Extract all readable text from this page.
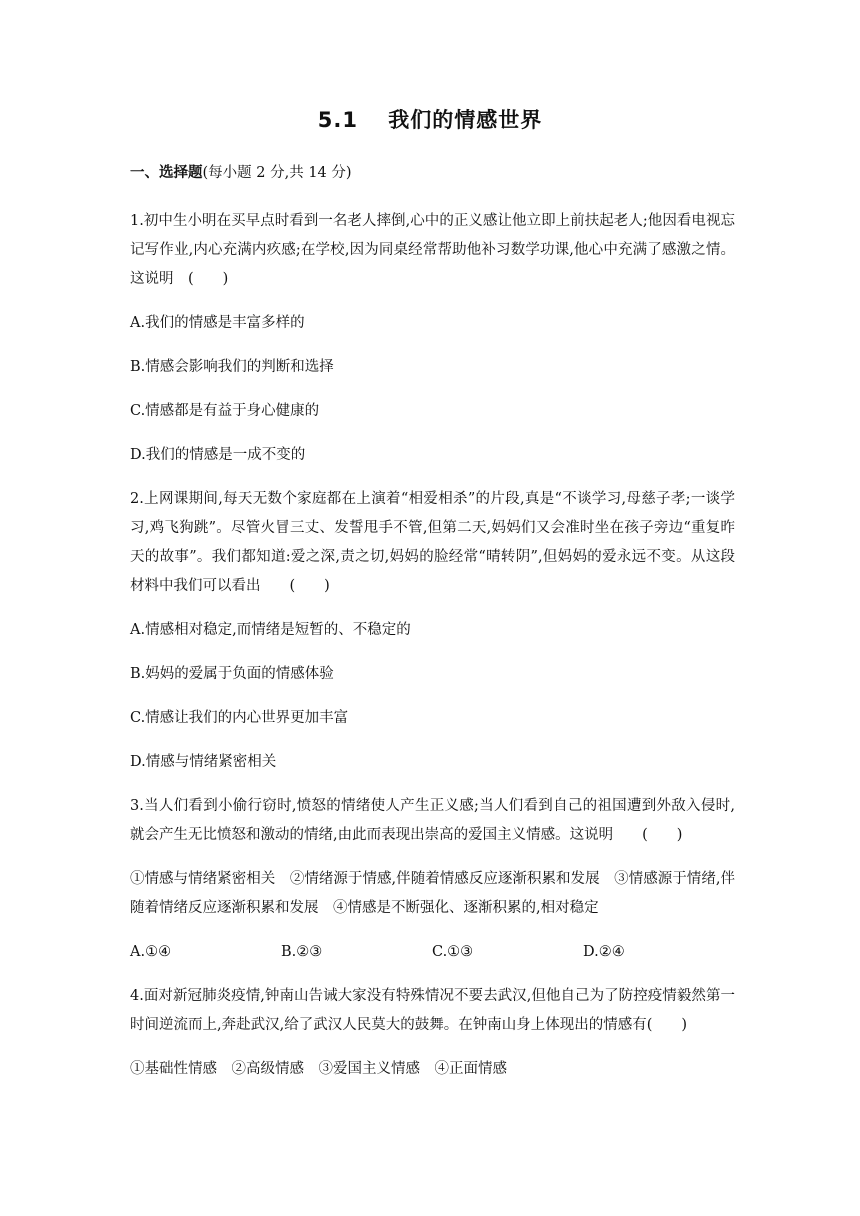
5.1　 我们的情感世界
一、选择题(每小题 2 分,共 14 分)
1.初中生小明在买早点时看到一名老人摔倒,心中的正义感让他立即上前扶起老人;他因看电视忘记写作业,内心充满内疚感;在学校,因为同桌经常帮助他补习数学功课,他心中充满了感激之情。这说明　(　　)
A.我们的情感是丰富多样的
B.情感会影响我们的判断和选择
C.情感都是有益于身心健康的
D.我们的情感是一成不变的
2.上网课期间,每天无数个家庭都在上演着“相爱相杀”的片段,真是“不谈学习,母慈子孝;一谈学习,鸡飞狗跳”。尽管火冒三丈、发誓甩手不管,但第二天,妈妈们又会准时坐在孩子旁边“重复昨天的故事”。我们都知道:爱之深,责之切,妈妈的脸经常“晴转阴”,但妈妈的爱永远不变。从这段材料中我们可以看出　　(　　)
A.情感相对稳定,而情绪是短暂的、不稳定的
B.妈妈的爱属于负面的情感体验
C.情感让我们的内心世界更加丰富
D.情感与情绪紧密相关
3.当人们看到小偷行窃时,愤怒的情绪使人产生正义感;当人们看到自己的祖国遭到外敌入侵时,就会产生无比愤怒和激动的情绪,由此而表现出崇高的爱国主义情感。这说明　　(　　)
①情感与情绪紧密相关　②情绪源于情感,伴随着情感反应逐渐积累和发展　③情感源于情绪,伴随着情绪反应逐渐积累和发展　④情感是不断强化、逐渐积累的,相对稳定
A.①④	B.②③	C.①③	D.②④
4.面对新冠肺炎疫情,钟南山告诫大家没有特殊情况不要去武汉,但他自己为了防控疫情毅然第一时间逆流而上,奔赴武汉,给了武汉人民莫大的鼓舞。在钟南山身上体现出的情感有(　　)
①基础性情感　②高级情感　③爱国主义情感　④正面情感
